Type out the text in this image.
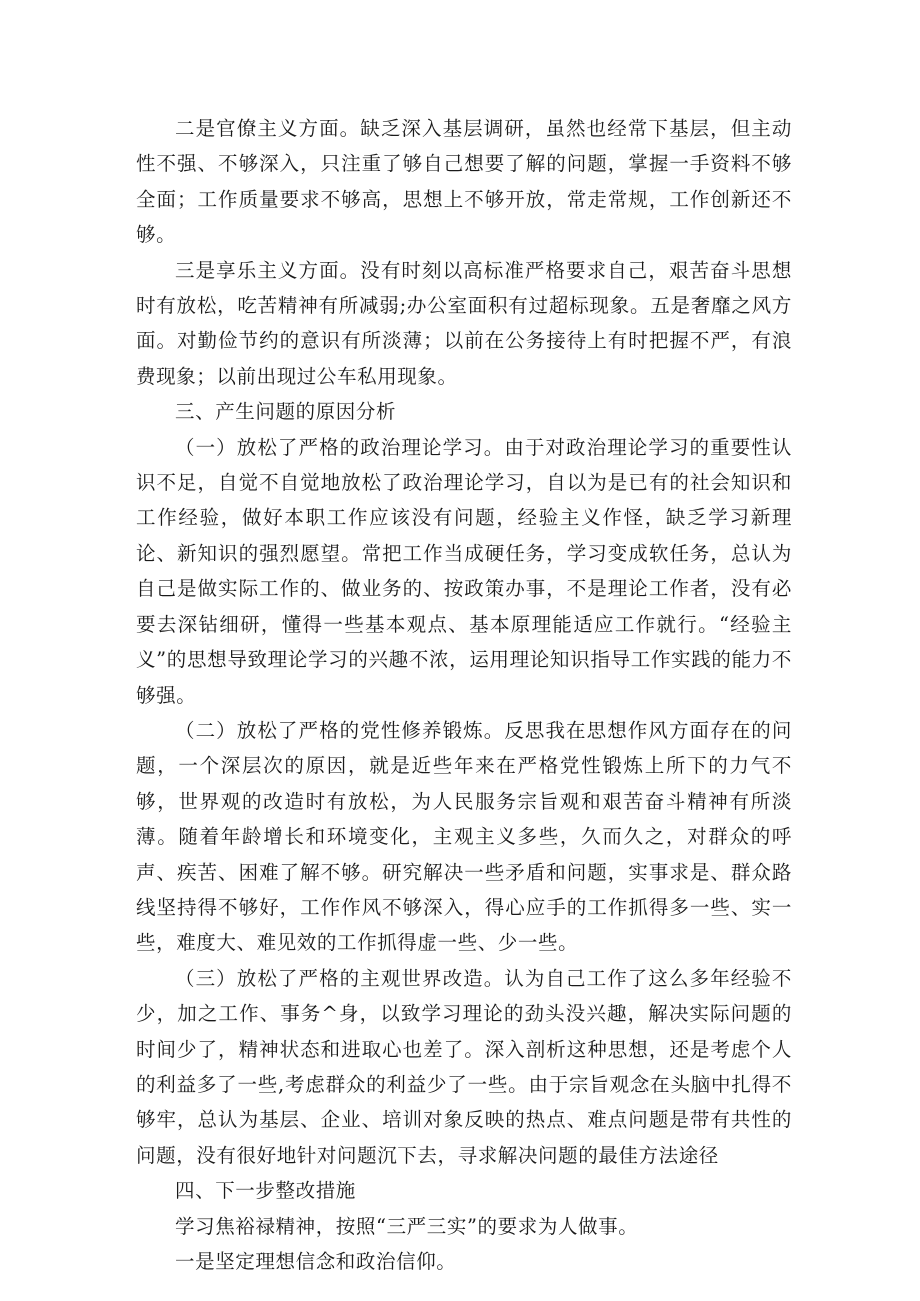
二是官僚主义方面。缺乏深入基层调研，虽然也经常下基层，但主动性不强、不够深入，只注重了够自己想要了解的问题，掌握一手资料不够全面；工作质量要求不够高，思想上不够开放，常走常规，工作创新还不够。

三是享乐主义方面。没有时刻以高标准严格要求自己，艰苦奋斗思想时有放松，吃苦精神有所减弱;办公室面积有过超标现象。五是奢靡之风方面。对勤俭节约的意识有所淡薄；以前在公务接待上有时把握不严，有浪费现象；以前出现过公车私用现象。

三、产生问题的原因分析

（一）放松了严格的政治理论学习。由于对政治理论学习的重要性认识不足，自觉不自觉地放松了政治理论学习，自以为是已有的社会知识和工作经验，做好本职工作应该没有问题，经验主义作怪，缺乏学习新理论、新知识的强烈愿望。常把工作当成硬任务，学习变成软任务，总认为自己是做实际工作的、做业务的、按政策办事，不是理论工作者，没有必要去深钻细研，懂得一些基本观点、基本原理能适应工作就行。“经验主义”的思想导致理论学习的兴趣不浓，运用理论知识指导工作实践的能力不够强。

（二）放松了严格的党性修养锻炼。反思我在思想作风方面存在的问题，一个深层次的原因，就是近些年来在严格党性锻炼上所下的力气不够，世界观的改造时有放松，为人民服务宗旨观和艰苦奋斗精神有所淡薄。随着年龄增长和环境变化，主观主义多些，久而久之，对群众的呼声、疾苦、困难了解不够。研究解决一些矛盾和问题，实事求是、群众路线坚持得不够好，工作作风不够深入，得心应手的工作抓得多一些、实一些，难度大、难见效的工作抓得虚一些、少一些。

（三）放松了严格的主观世界改造。认为自己工作了这么多年经验不少，加之工作、事务^身，以致学习理论的劲头没兴趣，解决实际问题的时间少了，精神状态和进取心也差了。深入剖析这种思想，还是考虑个人的利益多了一些,考虑群众的利益少了一些。由于宗旨观念在头脑中扎得不够牢，总认为基层、企业、培训对象反映的热点、难点问题是带有共性的问题，没有很好地针对问题沉下去，寻求解决问题的最佳方法途径

四、下一步整改措施

学习焦裕禄精神，按照“三严三实”的要求为人做事。

一是坚定理想信念和政治信仰。
